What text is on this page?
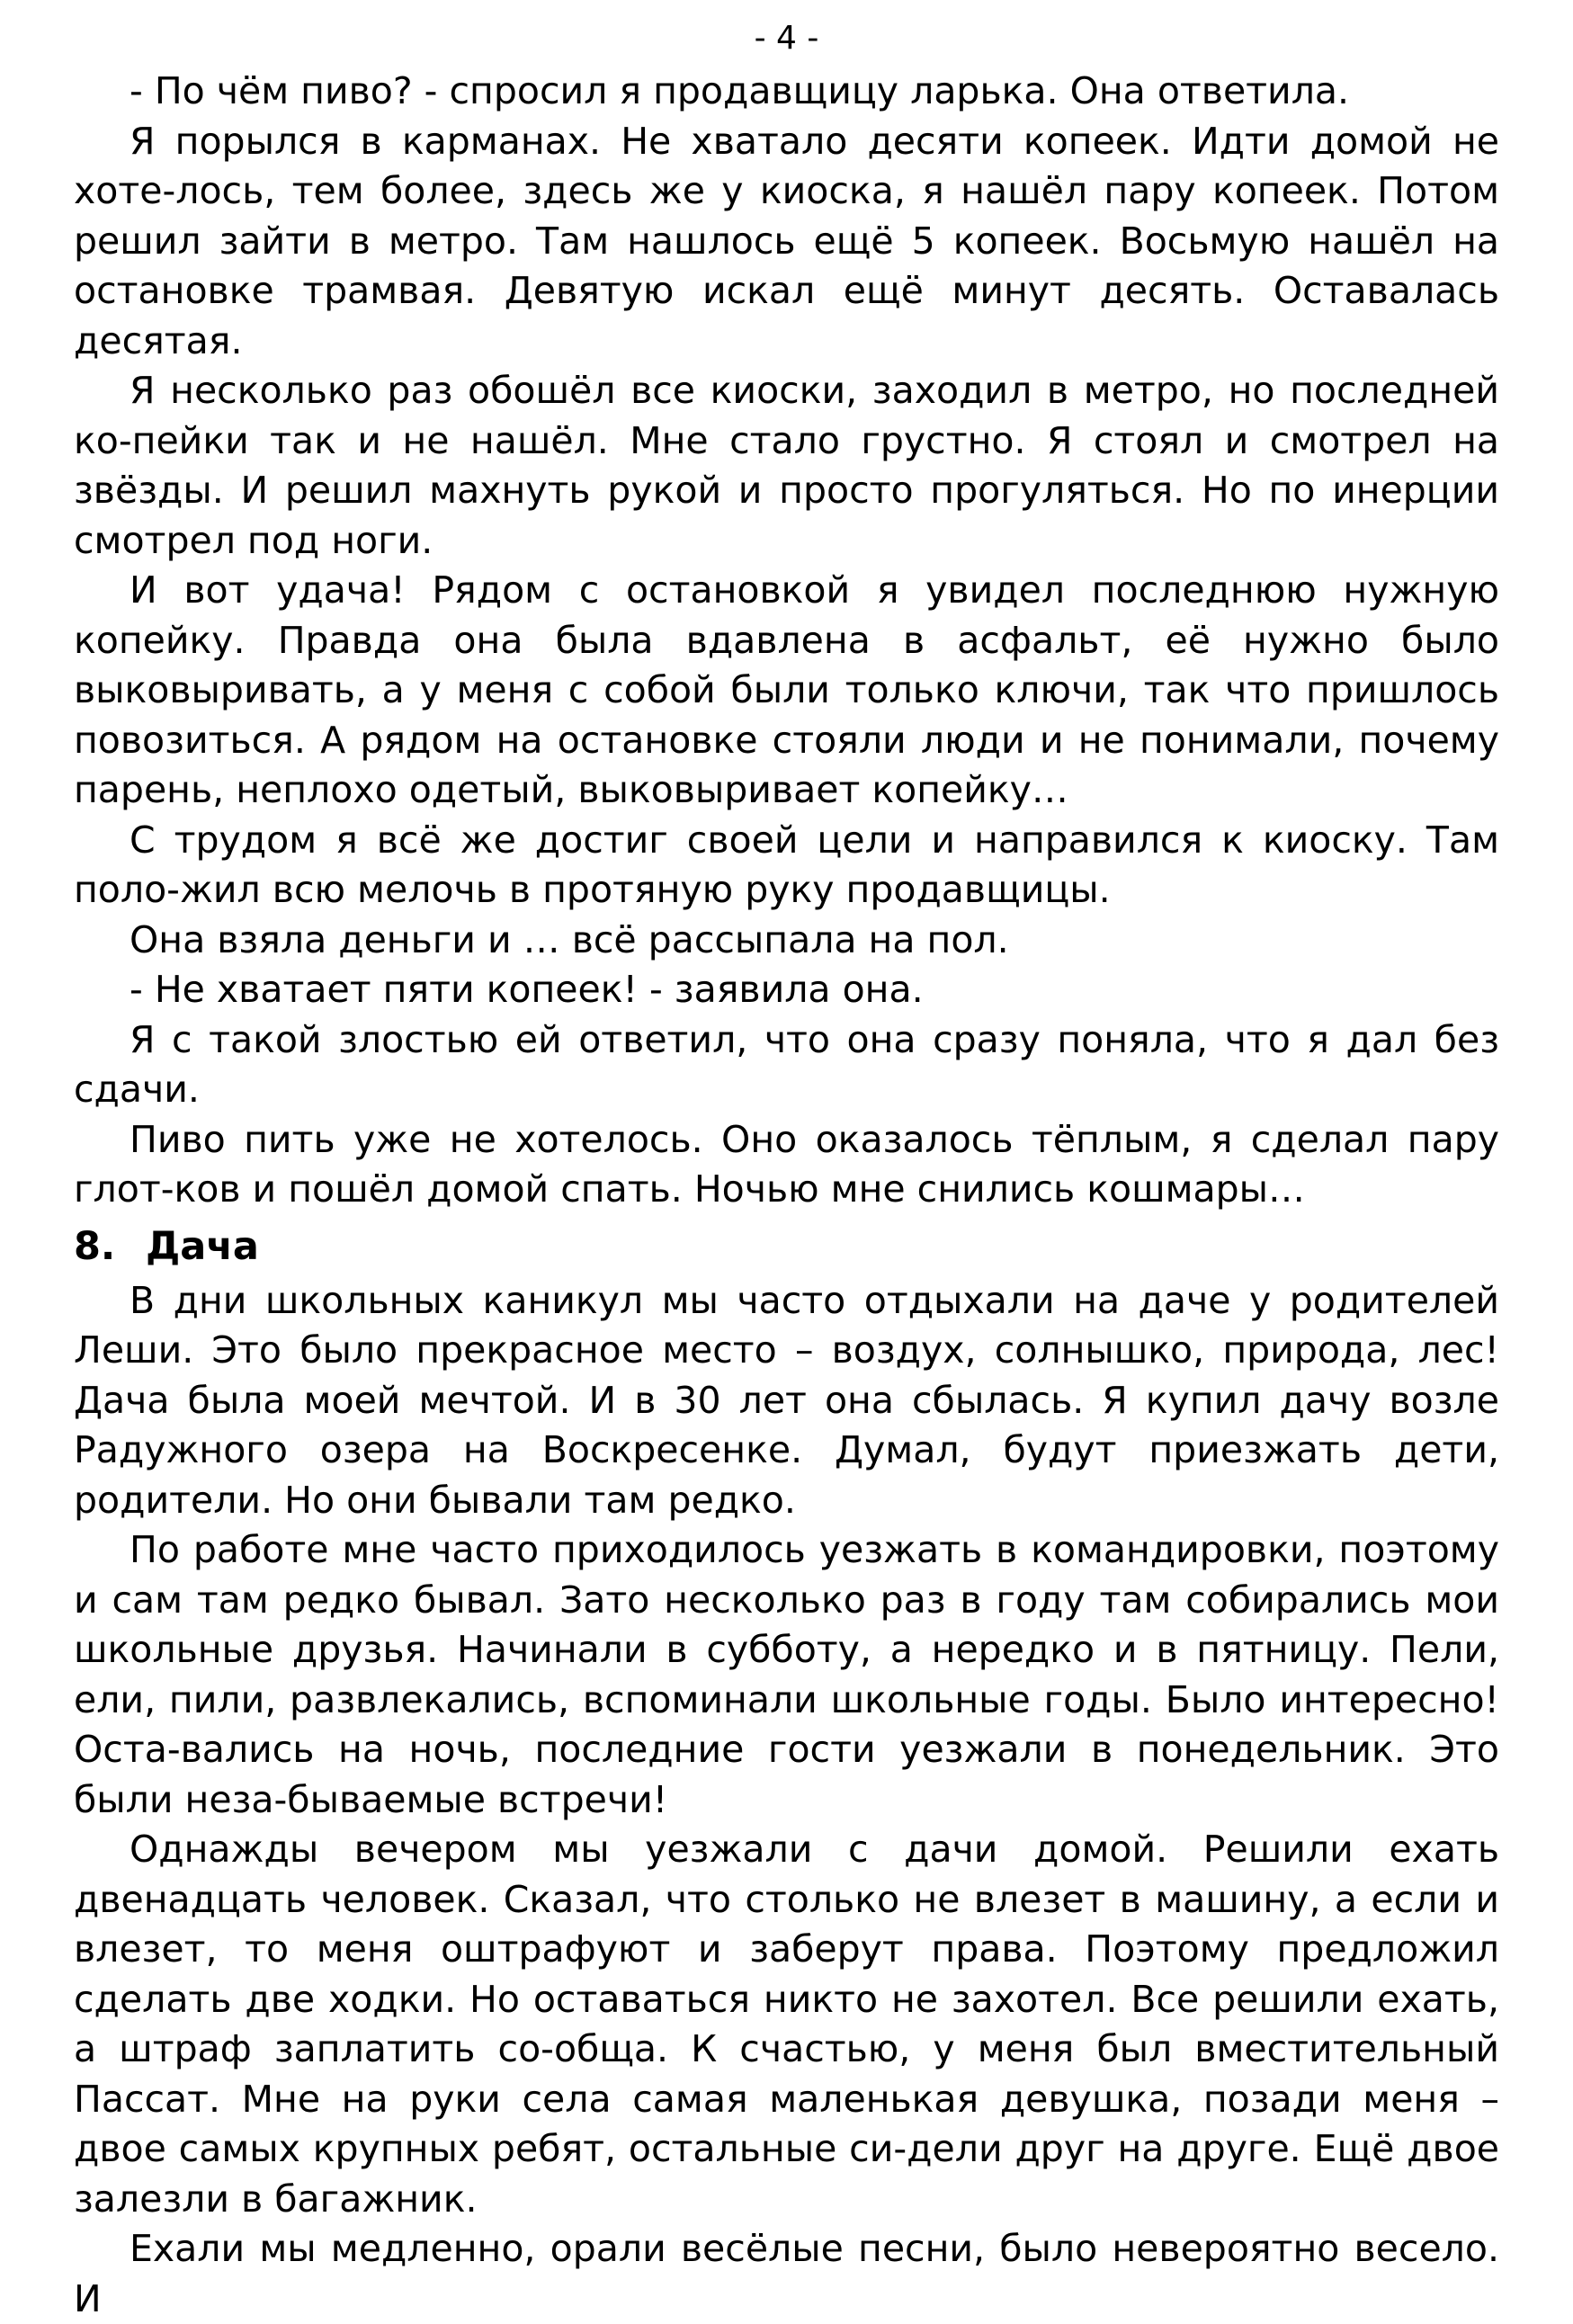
- 4 -

- По чём пиво? - спросил я продавщицу ларька. Она ответила.

Я порылся в карманах. Не хватало десяти копеек. Идти домой не хоте-лось, тем более, здесь же у киоска, я нашёл пару копеек. Потом решил зайти в метро. Там нашлось ещё 5 копеек. Восьмую нашёл на остановке трамвая. Девятую искал ещё минут десять. Оставалась десятая.

Я несколько раз обошёл все киоски, заходил в метро, но последней ко-пейки так и не нашёл. Мне стало грустно. Я стоял и смотрел на звёзды. И решил махнуть рукой и просто прогуляться. Но по инерции смотрел под ноги.

И вот удача! Рядом с остановкой я увидел последнюю нужную копейку. Правда она была вдавлена в асфальт, её нужно было выковыривать, а у меня с собой были только ключи, так что пришлось повозиться. А рядом на остановке стояли люди и не понимали, почему парень, неплохо одетый, выковыривает копейку…

С трудом я всё же достиг своей цели и направился к киоску. Там поло-жил всю мелочь в протяную руку продавщицы.

Она взяла деньги и … всё рассыпала на пол.

- Не хватает пяти копеек! - заявила она.

Я с такой злостью ей ответил, что она сразу поняла, что я дал без сдачи.

Пиво пить уже не хотелось. Оно оказалось тёплым, я сделал пару глот-ков и пошёл домой спать. Ночью мне снились кошмары…

8. Дача

В дни школьных каникул мы часто отдыхали на даче у родителей Леши. Это было прекрасное место – воздух, солнышко, природа, лес! Дача была моей мечтой. И в 30 лет она сбылась. Я купил дачу возле Радужного озера на Воскресенке. Думал, будут приезжать дети, родители. Но они бывали там редко.

По работе мне часто приходилось уезжать в командировки, поэтому и сам там редко бывал. Зато несколько раз в году там собирались мои школьные друзья. Начинали в субботу, а нередко и в пятницу. Пели, ели, пили, развлекались, вспоминали школьные годы. Было интересно! Оста-вались на ночь, последние гости уезжали в понедельник. Это были неза-бываемые встречи!

Однажды вечером мы уезжали с дачи домой. Решили ехать двенадцать человек. Сказал, что столько не влезет в машину, а если и влезет, то меня оштрафуют и заберут права. Поэтому предложил сделать две ходки. Но оставаться никто не захотел. Все решили ехать, а штраф заплатить со-обща. К счастью, у меня был вместительный Пассат. Мне на руки села самая маленькая девушка, позади меня – двое самых крупных ребят, остальные си-дели друг на друге. Ещё двое залезли в багажник.

Ехали мы медленно, орали весёлые песни, было невероятно весело. И
